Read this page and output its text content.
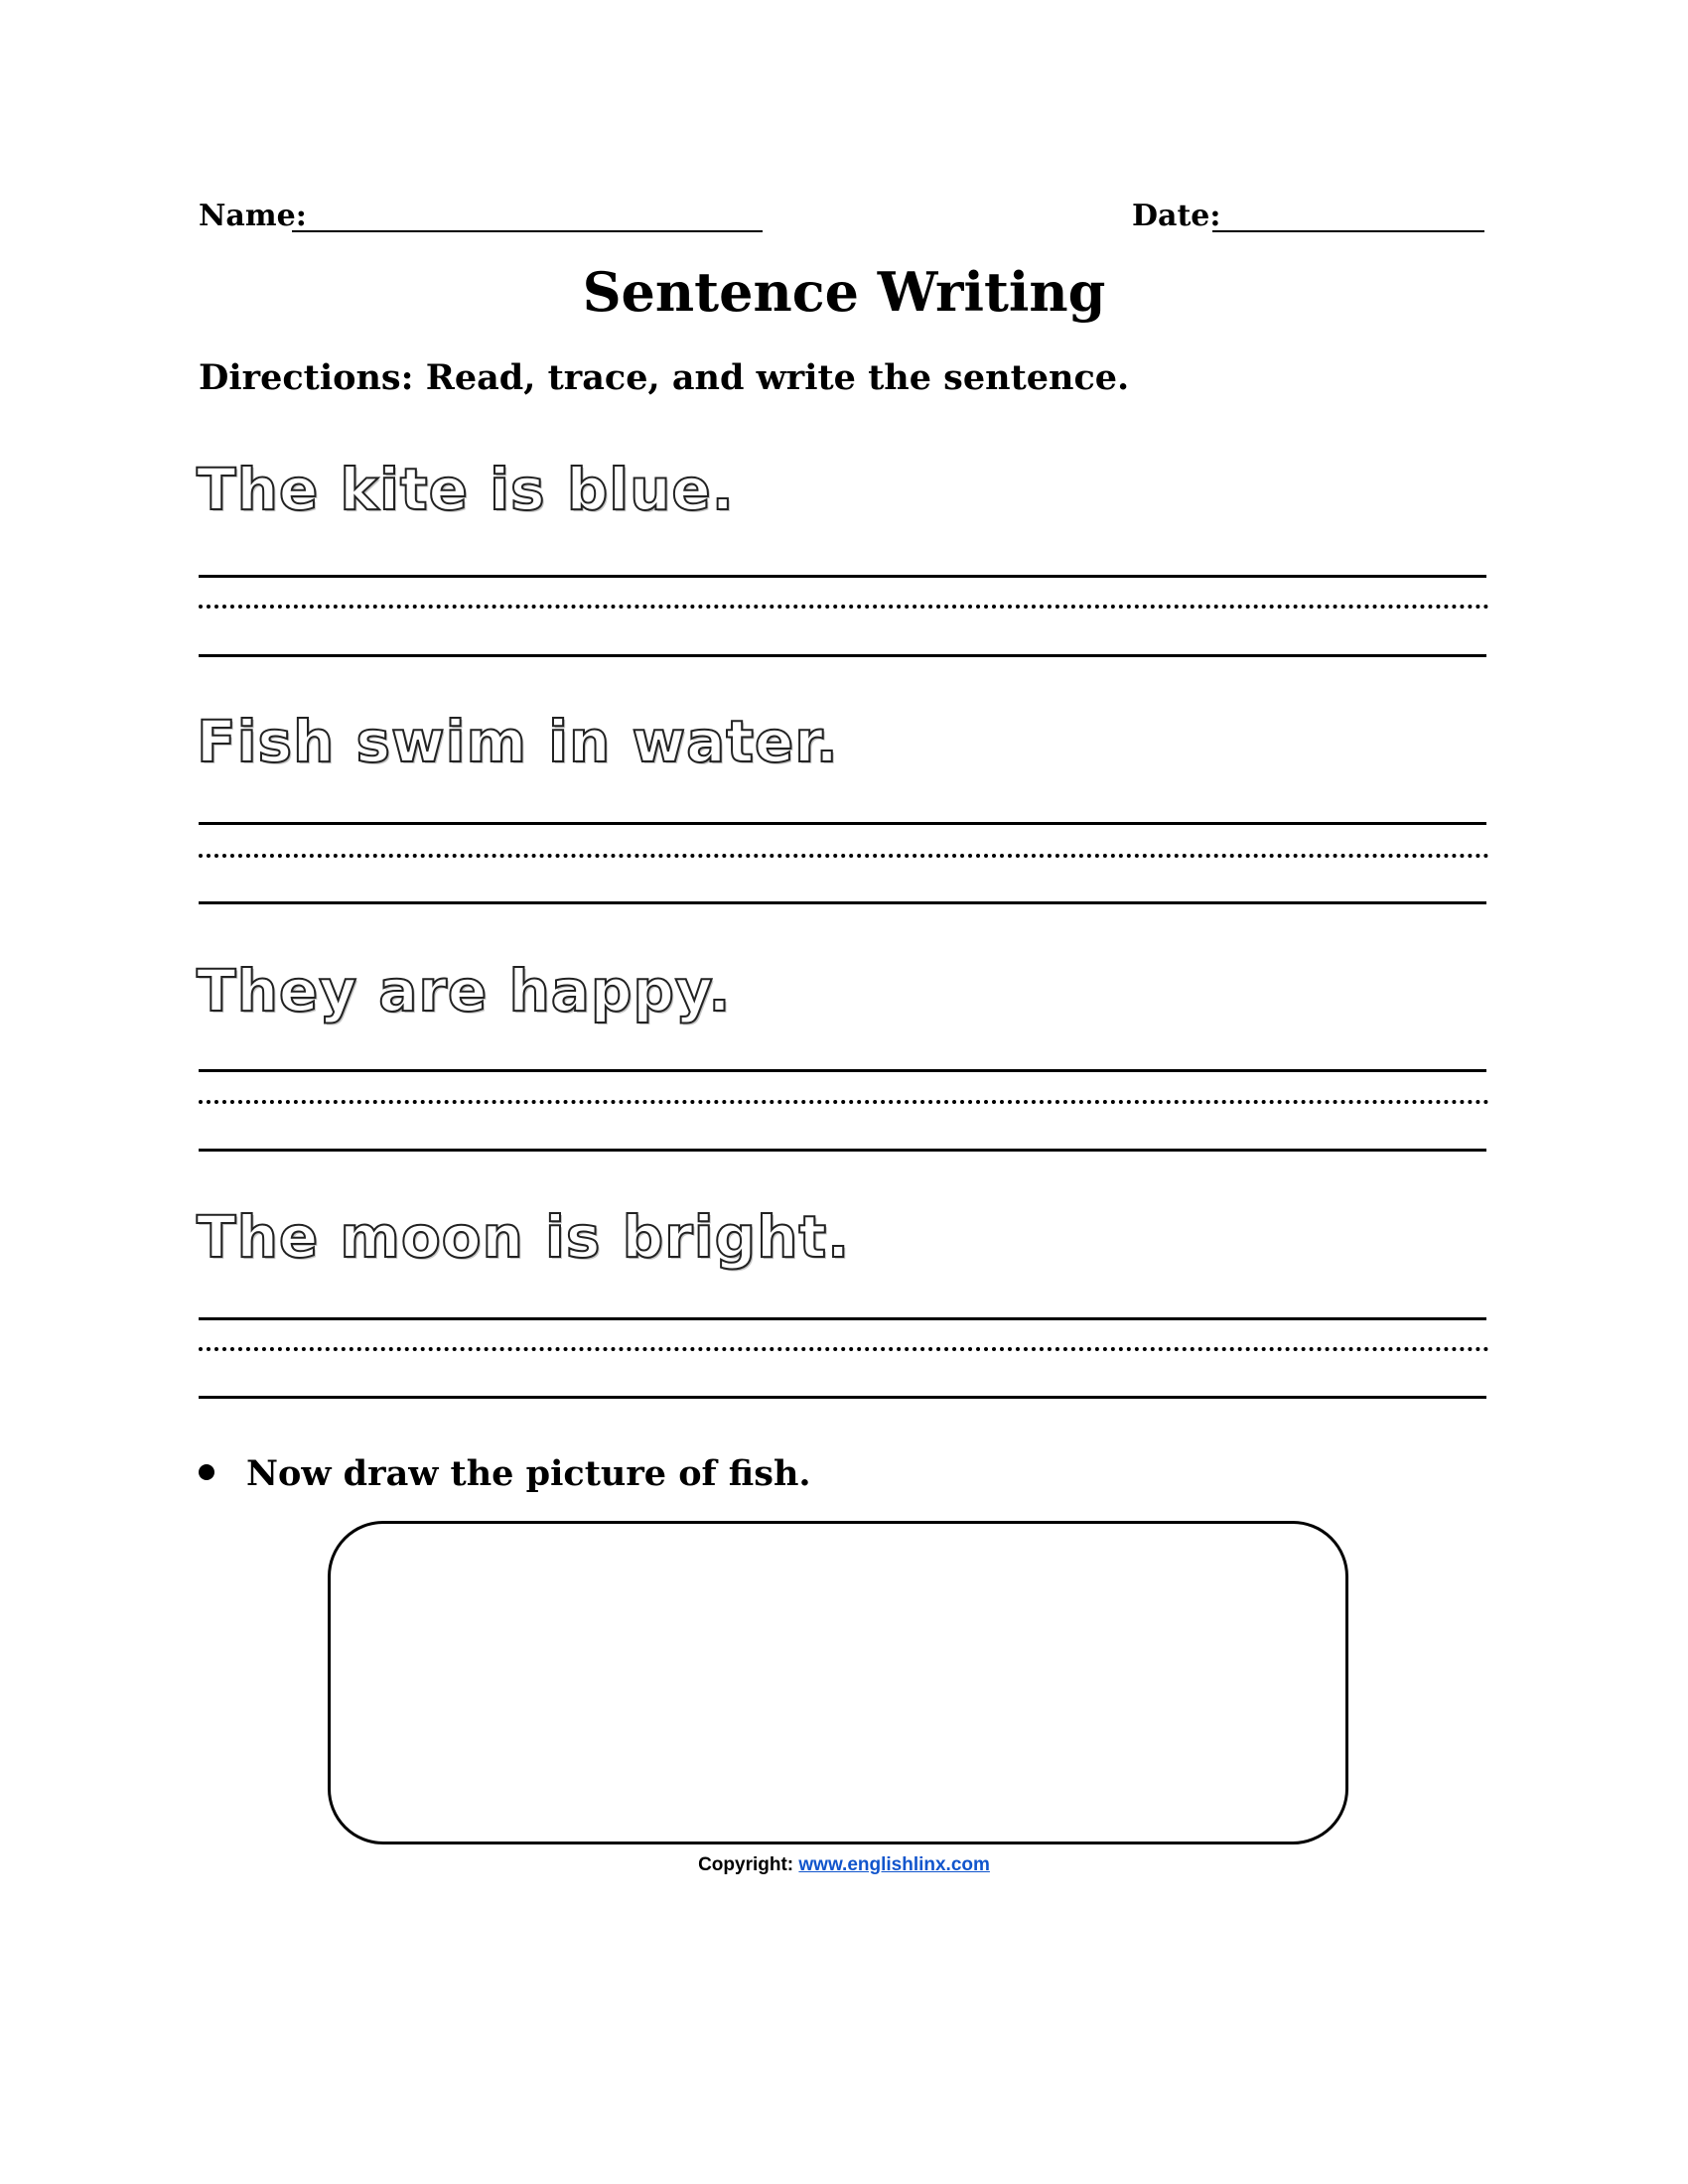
Name:	Date:
Sentence Writing
Directions: Read, trace, and write the sentence.
The kite is blue.
Fish swim in water.
They are happy.
The moon is bright.
Now draw the picture of fish.
Copyright: www.englishlinx.com
